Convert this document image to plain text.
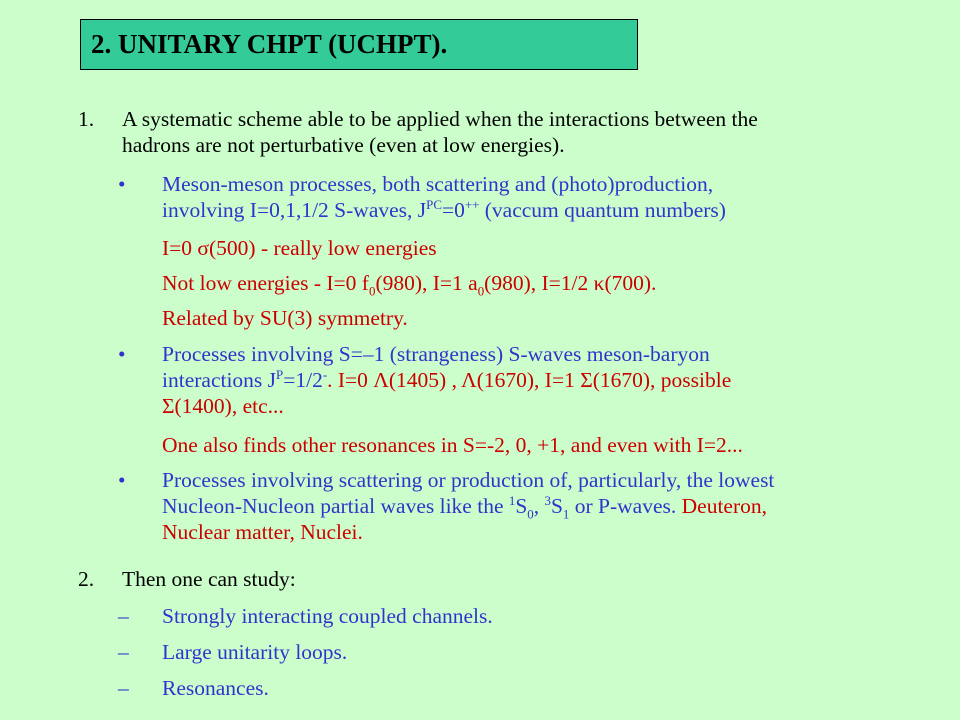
2. UNITARY CHPT (UCHPT).
1.	A systematic scheme able to be applied when the interactions between the
hadrons are not perturbative (even at low energies).
•	Meson-meson processes, both scattering and (photo)production,
involving I=0,1,1/2 S-waves, $J^{PC}=0^{++}$ (vaccum quantum numbers)
I=0 σ(500) - really low energies
Not low energies - I=0 $f_0(980)$, I=1 $a_0(980)$, I=1/2 κ(700).
Related by SU(3) symmetry.
•	Processes involving S=–1 (strangeness) S-waves meson-baryon
interactions $J^P=1/2^-$. I=0 Λ(1405) , Λ(1670), I=1 Σ(1670), possible
Σ(1400), etc...
One also finds other resonances in S=-2, 0, +1, and even with I=2...
•	Processes involving scattering or production of, particularly, the lowest
Nucleon-Nucleon partial waves like the $^1S_0$, $^3S_1$ or P-waves. Deuteron,
Nuclear matter, Nuclei.
2.	Then one can study:
–	Strongly interacting coupled channels.
–	Large unitarity loops.
–	Resonances.
